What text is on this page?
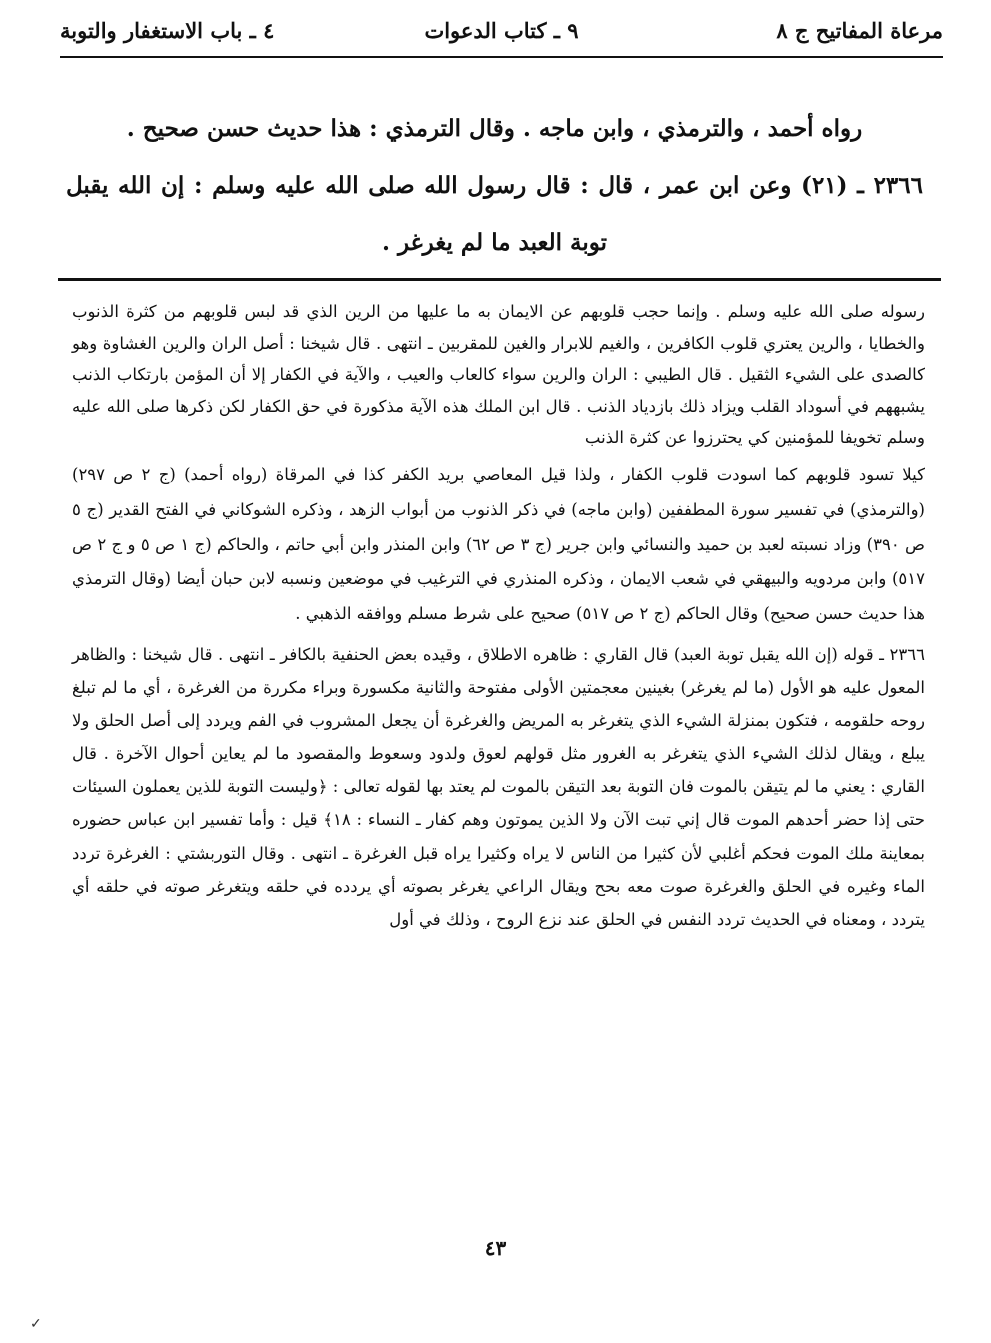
مرعاة المفاتيح ج ٨
٩ ـ كتاب الدعوات
٤ ـ باب الاستغفار والتوبة

رواه أحمد ، والترمذي ، وابن ماجه . وقال الترمذي : هذا حديث حسن صحيح .

٢٣٦٦ ـ (٢١) وعن ابن عمر ، قال : قال رسول الله صلى الله عليه وسلم : إن الله يقبل توبة العبد ما لم يغرغر .

رسوله صلى الله عليه وسلم . وإنما حجب قلوبهم عن الايمان به ما عليها من الرين الذي قد لبس قلوبهم من كثرة الذنوب والخطايا ، والرين يعتري قلوب الكافرين ، والغيم للابرار والغين للمقربين ـ انتهى . قال شيخنا : أصل الران والرين الغشاوة وهو كالصدى على الشيء الثقيل . قال الطيبي : الران والرين سواء كالعاب والعيب ، والآية في الكفار إلا أن المؤمن بارتكاب الذنب يشبههم في أسوداد القلب ويزاد ذلك بازدياد الذنب . قال ابن الملك هذه الآية مذكورة في حق الكفار لكن ذكرها صلى الله عليه وسلم تخويفا للمؤمنين كي يحترزوا عن كثرة الذنب

كيلا تسود قلوبهم كما اسودت قلوب الكفار ، ولذا قيل المعاصي بريد الكفر كذا في المرقاة (رواه أحمد) (ج ٢ ص ٢٩٧) (والترمذي) في تفسير سورة المطففين (وابن ماجه) في ذكر الذنوب من أبواب الزهد ، وذكره الشوكاني في الفتح القدير (ج ٥ ص ٣٩٠) وزاد نسبته لعبد بن حميد والنسائي وابن جرير (ج ٣ ص ٦٢) وابن المنذر وابن أبي حاتم ، والحاكم (ج ١ ص ٥ و ج ٢ ص ٥١٧) وابن مردويه والبيهقي في شعب الايمان ، وذكره المنذري في الترغيب في موضعين ونسبه لابن حبان أيضا (وقال الترمذي هذا حديث حسن صحيح) وقال الحاكم (ج ٢ ص ٥١٧) صحيح على شرط مسلم ووافقه الذهبي .

٢٣٦٦ ـ قوله (إن الله يقبل توبة العبد) قال القاري : ظاهره الاطلاق ، وقيده بعض الحنفية بالكافر ـ انتهى . قال شيخنا : والظاهر المعول عليه هو الأول (ما لم يغرغر) بغينين معجمتين الأولى مفتوحة والثانية مكسورة وبراء مكررة من الغرغرة ، أي ما لم تبلغ روحه حلقومه ، فتكون بمنزلة الشيء الذي يتغرغر به المريض والغرغرة أن يجعل المشروب في الفم ويردد إلى أصل الحلق ولا يبلع ، ويقال لذلك الشيء الذي يتغرغر به الغرور مثل قولهم لعوق ولدود وسعوط والمقصود ما لم يعاين أحوال الآخرة . قال القاري : يعني ما لم يتيقن بالموت فان التوبة بعد التيقن بالموت لم يعتد بها لقوله تعالى : ﴿وليست التوبة للذين يعملون السيئات حتى إذا حضر أحدهم الموت قال إني تبت الآن ولا الذين يموتون وهم كفار ـ النساء : ١٨﴾ قيل : وأما تفسير ابن عباس حضوره بمعاينة ملك الموت فحكم أغلبي لأن كثيرا من الناس لا يراه وكثيرا يراه قبل الغرغرة ـ انتهى . وقال التوربشتي : الغرغرة تردد الماء وغيره في الحلق والغرغرة صوت معه بحح ويقال الراعي يغرغر بصوته أي يردده في حلقه ويتغرغر صوته في حلقه أي يتردد ، ومعناه في الحديث تردد النفس في الحلق عند نزع الروح ، وذلك في أول

٤٣
✓
